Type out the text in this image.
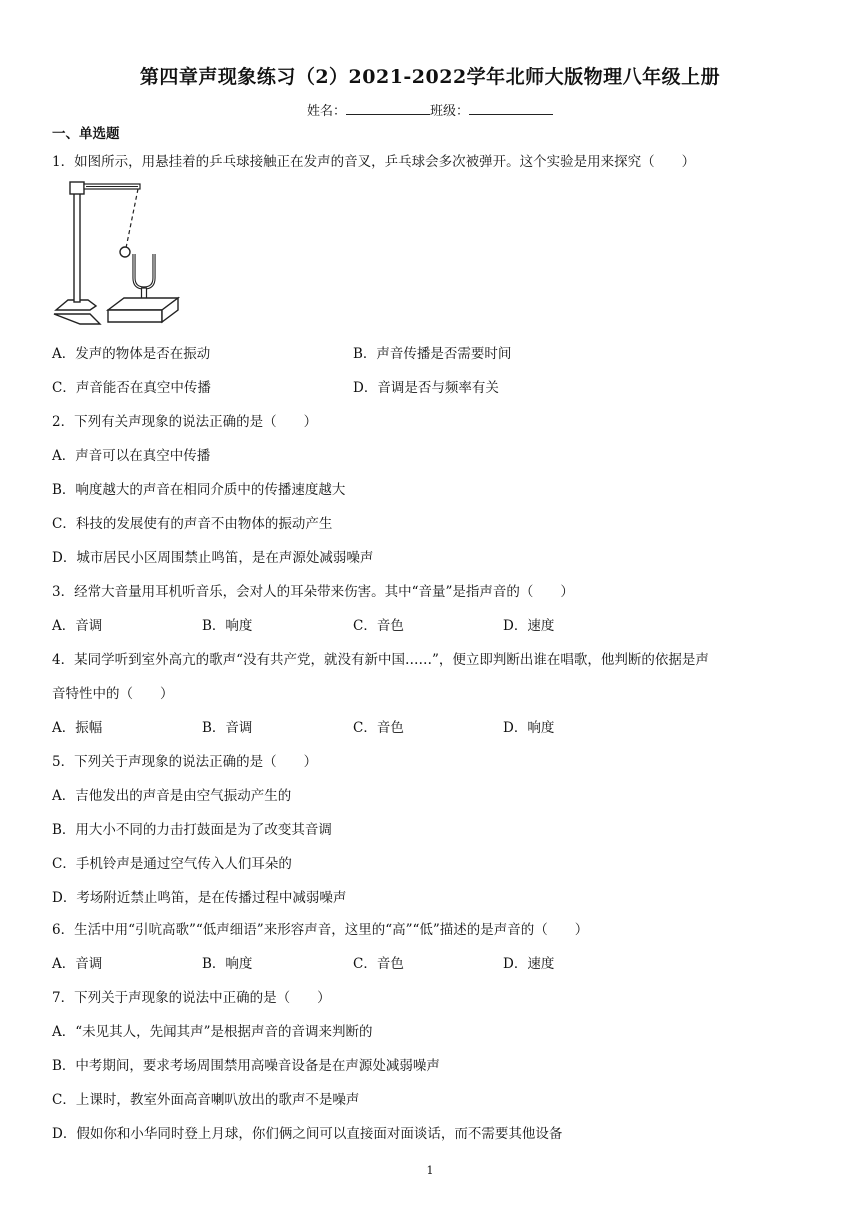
第四章声现象练习（2）2021-2022学年北师大版物理八年级上册
姓名：	班级：
一、单选题
1．如图所示，用悬挂着的乒乓球接触正在发声的音叉，乒乓球会多次被弹开。这个实验是用来探究（　　）
A．发声的物体是否在振动	B．声音传播是否需要时间
C．声音能否在真空中传播	D．音调是否与频率有关
2．下列有关声现象的说法正确的是（　　）
A．声音可以在真空中传播
B．响度越大的声音在相同介质中的传播速度越大
C．科技的发展使有的声音不由物体的振动产生
D．城市居民小区周围禁止鸣笛，是在声源处减弱噪声
3．经常大音量用耳机听音乐，会对人的耳朵带来伤害。其中“音量”是指声音的（　　）
A．音调	B．响度	C．音色	D．速度
4．某同学听到室外高亢的歌声“没有共产党，就没有新中国……”，便立即判断出谁在唱歌，他判断的依据是声
音特性中的（　　）
A．振幅	B．音调	C．音色	D．响度
5．下列关于声现象的说法正确的是（　　）
A．吉他发出的声音是由空气振动产生的
B．用大小不同的力击打鼓面是为了改变其音调
C．手机铃声是通过空气传入人们耳朵的
D．考场附近禁止鸣笛，是在传播过程中减弱噪声
6．生活中用“引吭高歌”“低声细语”来形容声音，这里的“高”“低”描述的是声音的（　　）
A．音调	B．响度	C．音色	D．速度
7．下列关于声现象的说法中正确的是（　　）
A．“未见其人，先闻其声”是根据声音的音调来判断的
B．中考期间，要求考场周围禁用高噪音设备是在声源处减弱噪声
C．上课时，教室外面高音喇叭放出的歌声不是噪声
D．假如你和小华同时登上月球，你们俩之间可以直接面对面谈话，而不需要其他设备
1
